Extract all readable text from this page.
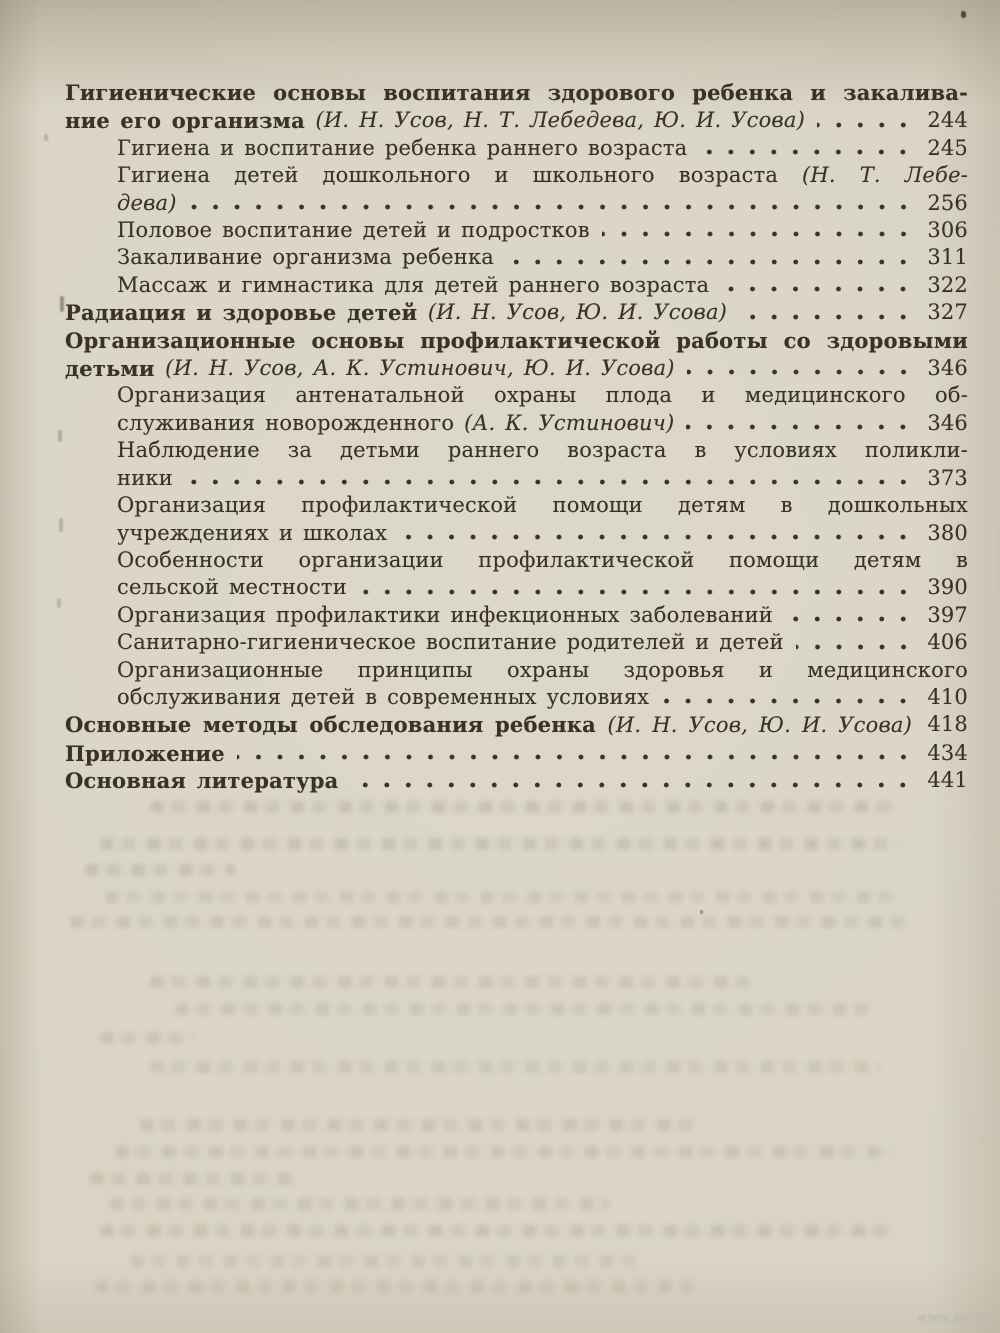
Гигиенические основы воспитания здорового ребенка и закалива-
ние его организма (И. Н. Усов, Н. Т. Лебедева, Ю. И. Усова)	244
Гигиена и воспитание ребенка раннего возраста	245
Гигиена детей дошкольного и школьного возраста (Н. Т. Лебе-
дева)	256
Половое воспитание детей и подростков	306
Закаливание организма ребенка	311
Массаж и гимнастика для детей раннего возраста	322
Радиация и здоровье детей (И. Н. Усов, Ю. И. Усова)	327
Организационные основы профилактической работы со здоровыми
детьми (И. Н. Усов, А. К. Устинович, Ю. И. Усова)	346
Организация антенатальной охраны плода и медицинского об-
служивания новорожденного (А. К. Устинович)	346
Наблюдение за детьми раннего возраста в условиях поликли-
ники	373
Организация профилактической помощи детям в дошкольных
учреждениях и школах	380
Особенности организации профилактической помощи детям в
сельской местности	390
Организация профилактики инфекционных заболеваний	397
Санитарно-гигиеническое воспитание родителей и детей	406
Организационные принципы охраны здоровья и медицинского
обслуживания детей в современных условиях	410
Основные методы обследования ребенка (И. Н. Усов, Ю. И. Усова) 418
Приложение	434
Основная литература	441
www.ay.by
